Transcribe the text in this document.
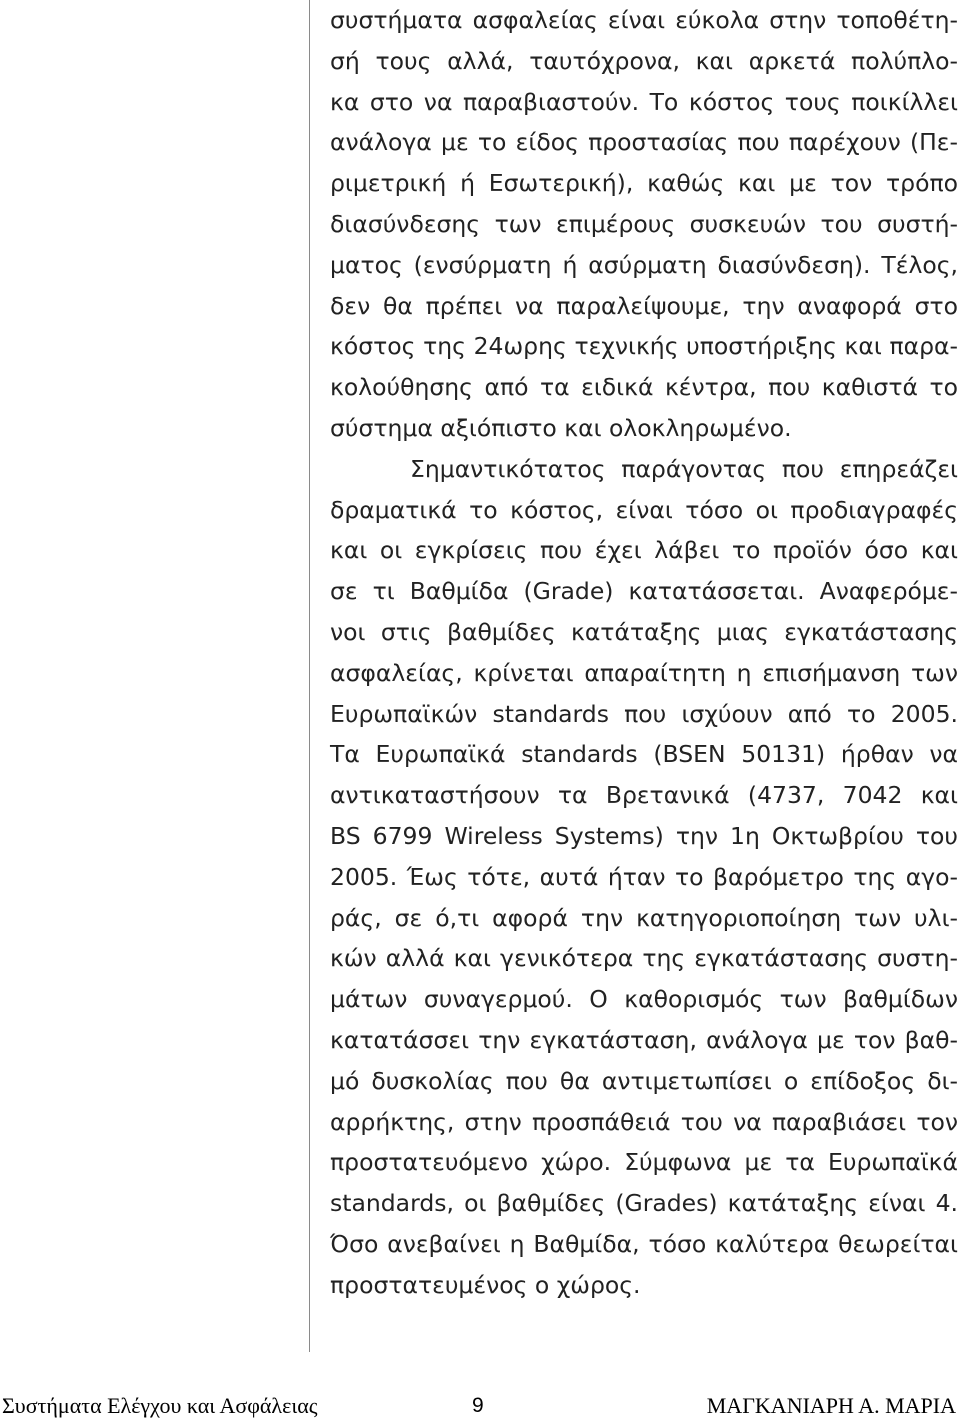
συστήματα ασφαλείας είναι εύκολα στην τοποθέτη-
σή τους αλλά, ταυτόχρονα, και αρκετά πολύπλο-
κα στο να παραβιαστούν. Το κόστος τους ποικίλλει
ανάλογα με το είδος προστασίας που παρέχουν (Πε-
ριμετρική ή Εσωτερική), καθώς και με τον τρόπο
διασύνδεσης των επιμέρους συσκευών του συστή-
ματος (ενσύρματη ή ασύρματη διασύνδεση). Τέλος,
δεν θα πρέπει να παραλείψουμε, την αναφορά στο
κόστος της 24ωρης τεχνικής υποστήριξης και παρα-
κολούθησης από τα ειδικά κέντρα, που καθιστά το
σύστημα αξιόπιστο και ολοκληρωμένο.
Σημαντικότατος παράγοντας που επηρεάζει
δραματικά το κόστος, είναι τόσο οι προδιαγραφές
και οι εγκρίσεις που έχει λάβει το προϊόν όσο και
σε τι Βαθμίδα (Grade) κατατάσσεται. Αναφερόμε-
νοι στις βαθμίδες κατάταξης μιας εγκατάστασης
ασφαλείας, κρίνεται απαραίτητη η επισήμανση των
Ευρωπαϊκών standards που ισχύουν από το 2005.
Τα Ευρωπαϊκά standards (BSEN 50131) ήρθαν να
αντικαταστήσουν τα Βρετανικά (4737, 7042 και
BS 6799 Wireless Systems) την 1η Οκτωβρίου του
2005. Έως τότε, αυτά ήταν το βαρόμετρο της αγο-
ράς, σε ό,τι αφορά την κατηγοριοποίηση των υλι-
κών αλλά και γενικότερα της εγκατάστασης συστη-
μάτων συναγερμού. Ο καθορισμός των βαθμίδων
κατατάσσει την εγκατάσταση, ανάλογα με τον βαθ-
μό δυσκολίας που θα αντιμετωπίσει ο επίδοξος δι-
αρρήκτης, στην προσπάθειά του να παραβιάσει τον
προστατευόμενο χώρο. Σύμφωνα με τα Ευρωπαϊκά
standards, οι βαθμίδες (Grades) κατάταξης είναι 4.
Όσο ανεβαίνει η Βαθμίδα, τόσο καλύτερα θεωρείται
προστατευμένος ο χώρος.
Συστήματα Ελέγχου και Ασφάλειας	9	ΜΑΓΚΑΝΙΑΡΗ Α. ΜΑΡΙΑ
